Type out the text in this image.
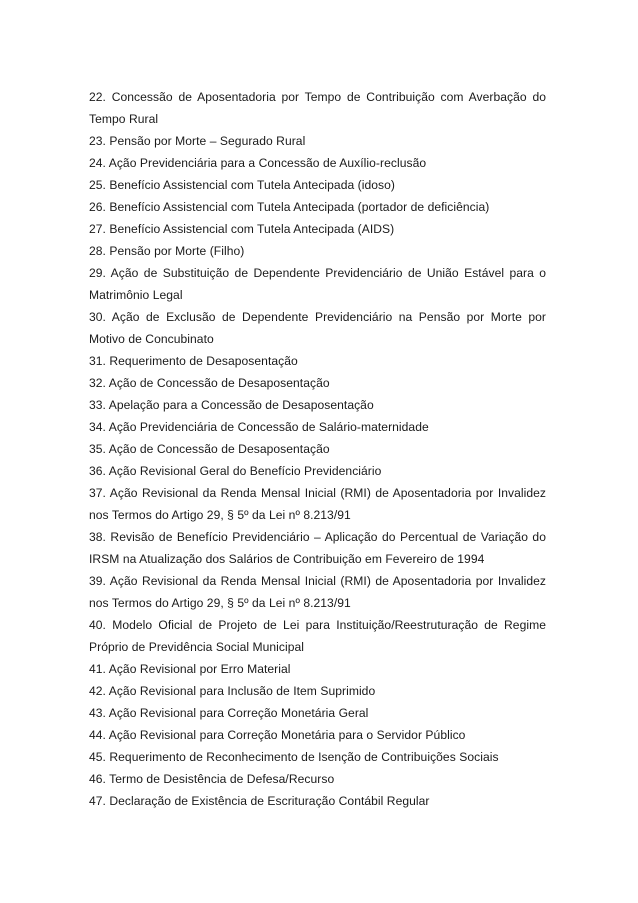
22. Concessão de Aposentadoria por Tempo de Contribuição com Averbação do Tempo Rural

23. Pensão por Morte – Segurado Rural

24. Ação Previdenciária para a Concessão de Auxílio-reclusão

25. Benefício Assistencial com Tutela Antecipada (idoso)

26. Benefício Assistencial com Tutela Antecipada (portador de deficiência)

27. Benefício Assistencial com Tutela Antecipada (AIDS)

28. Pensão por Morte (Filho)

29. Ação de Substituição de Dependente Previdenciário de União Estável para o Matrimônio Legal

30. Ação de Exclusão de Dependente Previdenciário na Pensão por Morte por Motivo de Concubinato

31. Requerimento de Desaposentação

32. Ação de Concessão de Desaposentação

33. Apelação para a Concessão de Desaposentação

34. Ação Previdenciária de Concessão de Salário-maternidade

35. Ação de Concessão de Desaposentação

36. Ação Revisional Geral do Benefício Previdenciário

37. Ação Revisional da Renda Mensal Inicial (RMI) de Aposentadoria por Invalidez nos Termos do Artigo 29, § 5º da Lei nº 8.213/91

38. Revisão de Benefício Previdenciário – Aplicação do Percentual de Variação do IRSM na Atualização dos Salários de Contribuição em Fevereiro de 1994

39. Ação Revisional da Renda Mensal Inicial (RMI) de Aposentadoria por Invalidez nos Termos do Artigo 29, § 5º da Lei nº 8.213/91

40. Modelo Oficial de Projeto de Lei para Instituição/Reestruturação de Regime Próprio de Previdência Social Municipal

41. Ação Revisional por Erro Material

42. Ação Revisional para Inclusão de Item Suprimido

43. Ação Revisional para Correção Monetária Geral

44. Ação Revisional para Correção Monetária para o Servidor Público

45. Requerimento de Reconhecimento de Isenção de Contribuições Sociais

46. Termo de Desistência de Defesa/Recurso

47. Declaração de Existência de Escrituração Contábil Regular
